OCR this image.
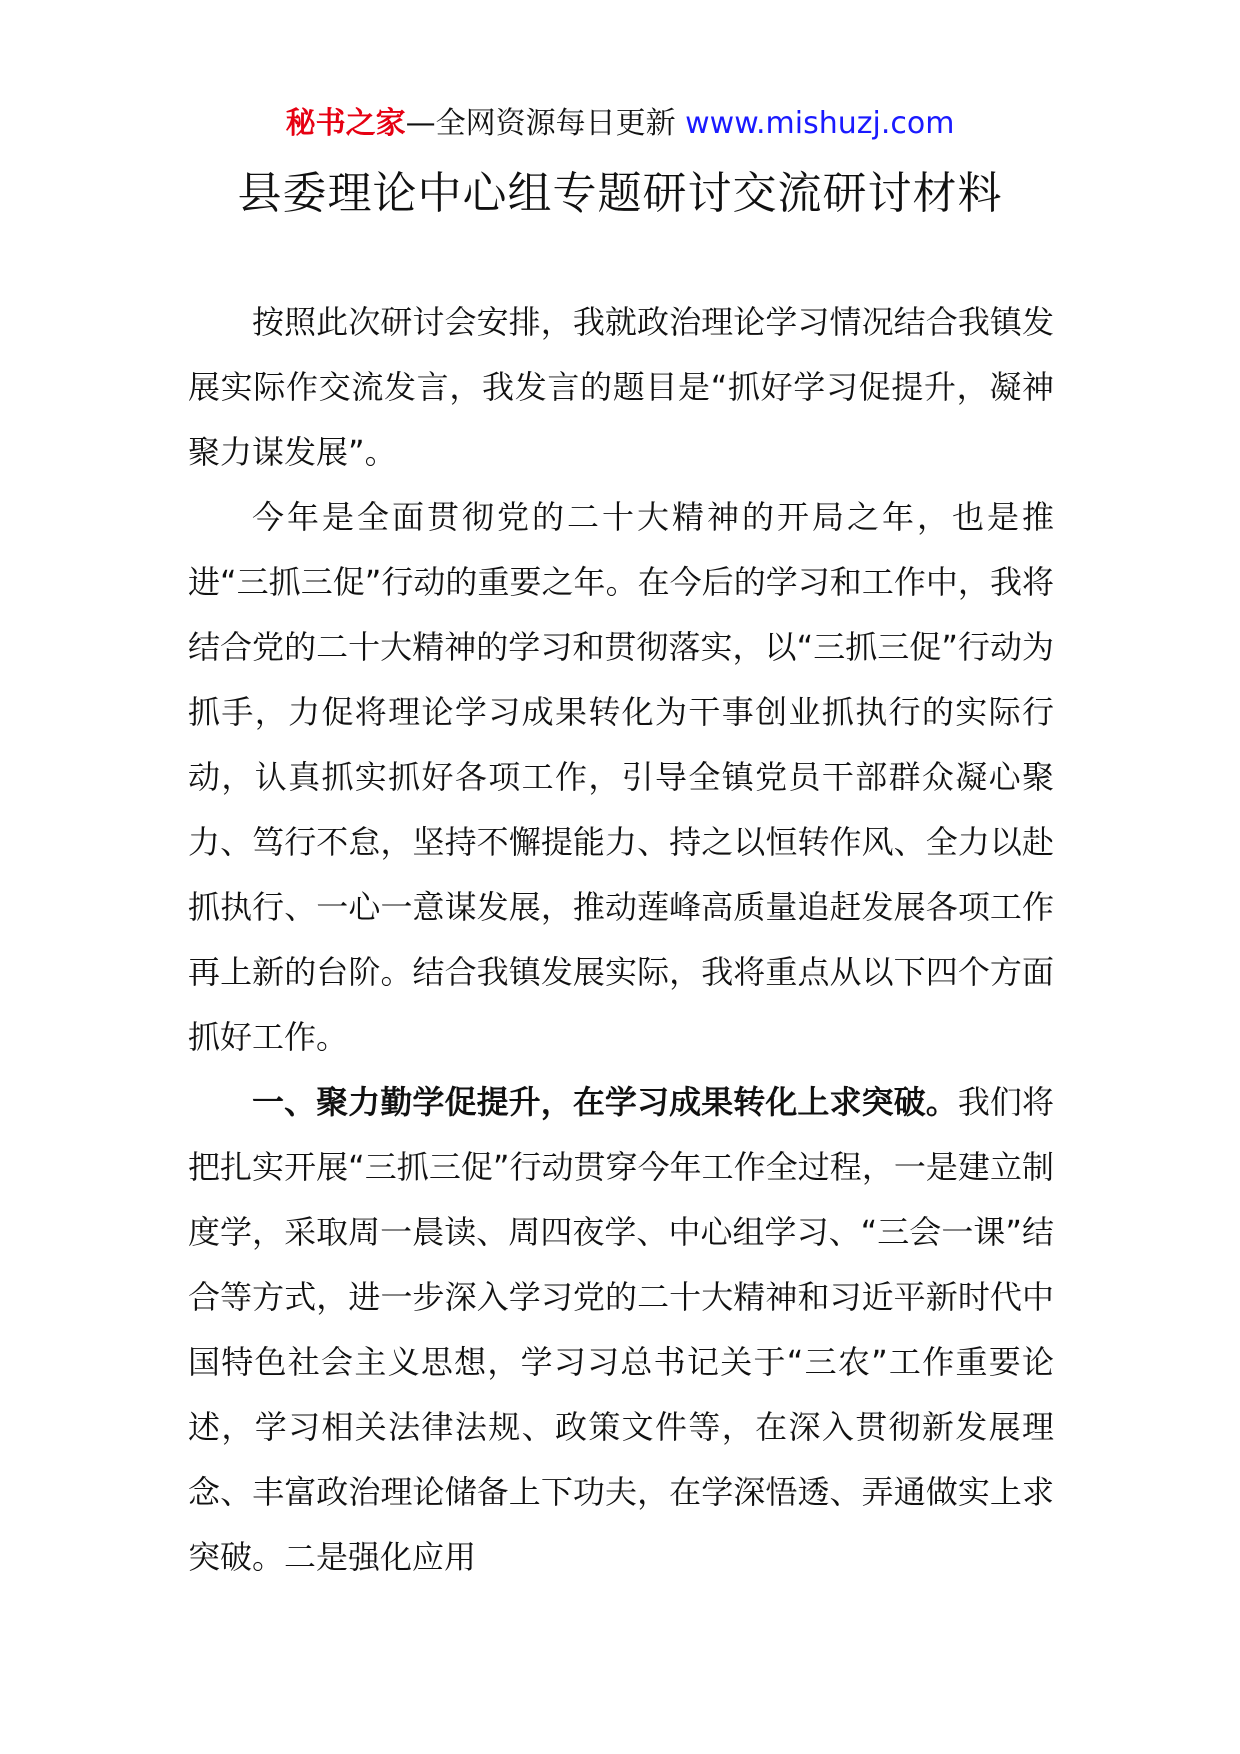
秘书之家—全网资源每日更新 www.mishuzj.com
县委理论中心组专题研讨交流研讨材料

按照此次研讨会安排，我就政治理论学习情况结合我镇发展实际作交流发言，我发言的题目是“抓好学习促提升，凝神聚力谋发展”。

今年是全面贯彻党的二十大精神的开局之年，也是推进“三抓三促”行动的重要之年。在今后的学习和工作中，我将结合党的二十大精神的学习和贯彻落实，以“三抓三促”行动为抓手，力促将理论学习成果转化为干事创业抓执行的实际行动，认真抓实抓好各项工作，引导全镇党员干部群众凝心聚力、笃行不怠，坚持不懈提能力、持之以恒转作风、全力以赴抓执行、一心一意谋发展，推动莲峰高质量追赶发展各项工作再上新的台阶。结合我镇发展实际，我将重点从以下四个方面抓好工作。

一、聚力勤学促提升，在学习成果转化上求突破。我们将把扎实开展“三抓三促”行动贯穿今年工作全过程，一是建立制度学，采取周一晨读、周四夜学、中心组学习、“三会一课”结合等方式，进一步深入学习党的二十大精神和习近平新时代中国特色社会主义思想，学习习总书记关于“三农”工作重要论述，学习相关法律法规、政策文件等，在深入贯彻新发展理念、丰富政治理论储备上下功夫，在学深悟透、弄通做实上求突破。二是强化应用
